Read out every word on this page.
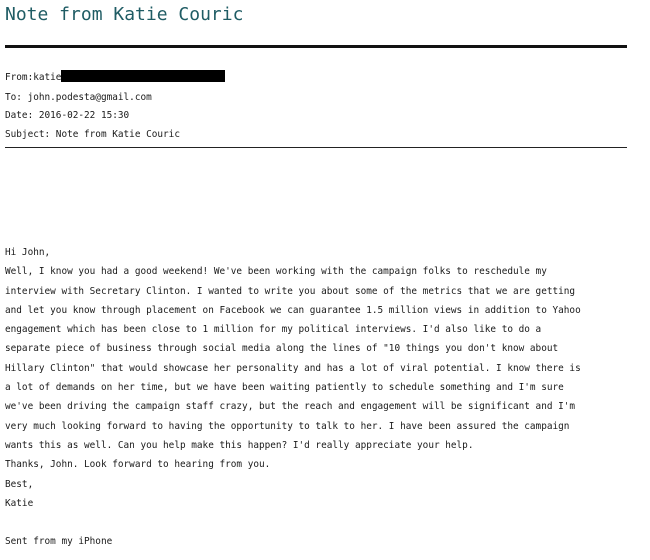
Note from Katie Couric
From:katie
To: john.podesta@gmail.com
Date: 2016-02-22 15:30
Subject: Note from Katie Couric
Hi John,
Well, I know you had a good weekend! We've been working with the campaign folks to reschedule my
interview with Secretary Clinton. I wanted to write you about some of the metrics that we are getting
and let you know through placement on Facebook we can guarantee 1.5 million views in addition to Yahoo
engagement which has been close to 1 million for my political interviews. I'd also like to do a
separate piece of business through social media along the lines of "10 things you don't know about
Hillary Clinton" that would showcase her personality and has a lot of viral potential. I know there is
a lot of demands on her time, but we have been waiting patiently to schedule something and I'm sure
we've been driving the campaign staff crazy, but the reach and engagement will be significant and I'm
very much looking forward to having the opportunity to talk to her. I have been assured the campaign
wants this as well. Can you help make this happen? I'd really appreciate your help.
Thanks, John. Look forward to hearing from you.
Best,
Katie
Sent from my iPhone
